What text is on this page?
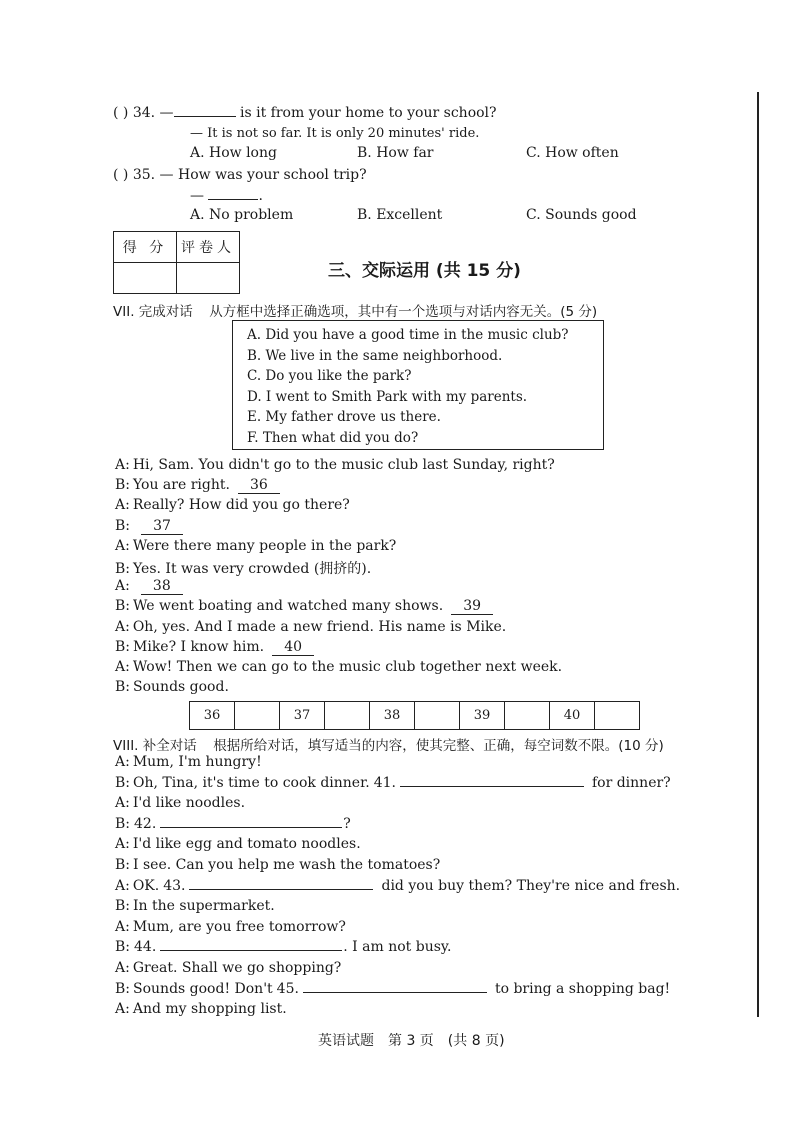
( ) 34. —	is it from your home to your school?
— It is not so far. It is only 20 minutes' ride.
A. How long	B. How far	C. How often
( ) 35. — How was your school trip?
—	.
A. No problem	B. Excellent	C. Sounds good
得 分	评卷人

三、交际运用 (共 15 分)
VII. 完成对话 从方框中选择正确选项，其中有一个选项与对话内容无关。(5 分)
A. Did you have a good time in the music club?
B. We live in the same neighborhood.
C. Do you like the park?
D. I went to Smith Park with my parents.
E. My father drove us there.
F. Then what did you do?
A: Hi, Sam. You didn't go to the music club last Sunday, right?
B: You are right. 36
A: Really? How did you go there?
B: 37
A: Were there many people in the park?
B: Yes. It was very crowded (拥挤的).
A: 38
B: We went boating and watched many shows. 39
A: Oh, yes. And I made a new friend. His name is Mike.
B: Mike? I know him. 40
A: Wow! Then we can go to the music club together next week.
B: Sounds good.
36		37		38		39		40	
VIII. 补全对话 根据所给对话，填写适当的内容，使其完整、正确，每空词数不限。(10 分)
A: Mum, I'm hungry!
B: Oh, Tina, it's time to cook dinner. 41.	for dinner?
A: I'd like noodles.
B: 42.	?
A: I'd like egg and tomato noodles.
B: I see. Can you help me wash the tomatoes?
A: OK. 43.	did you buy them? They're nice and fresh.
B: In the supermarket.
A: Mum, are you free tomorrow?
B: 44.	. I am not busy.
A: Great. Shall we go shopping?
B: Sounds good! Don't 45.	to bring a shopping bag!
A: And my shopping list.
英语试题　第 3 页　(共 8 页)
